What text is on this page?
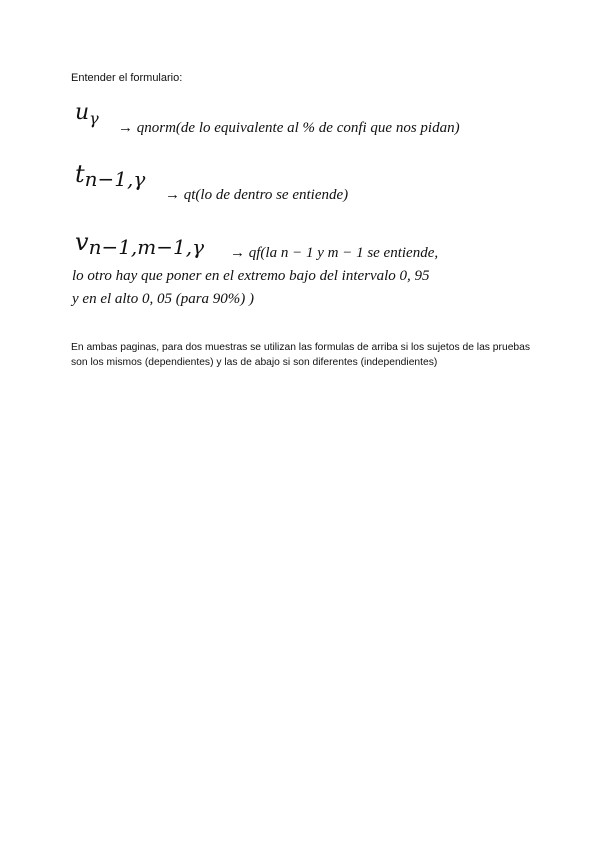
Entender el formulario:
uγ → qnorm(de lo equivalente al % de confi que nos pidan)
tn−1,γ
→ qt(lo de dentro se entiende)
vn−1,m−1,γ → qf(la n − 1 y m − 1 se entiende,
lo otro hay que poner en el extremo bajo del intervalo 0, 95
y en el alto 0, 05 (para 90%) )
En ambas paginas, para dos muestras se utilizan las formulas de arriba si los sujetos de las pruebas son los mismos (dependientes) y las de abajo si son diferentes (independientes)
